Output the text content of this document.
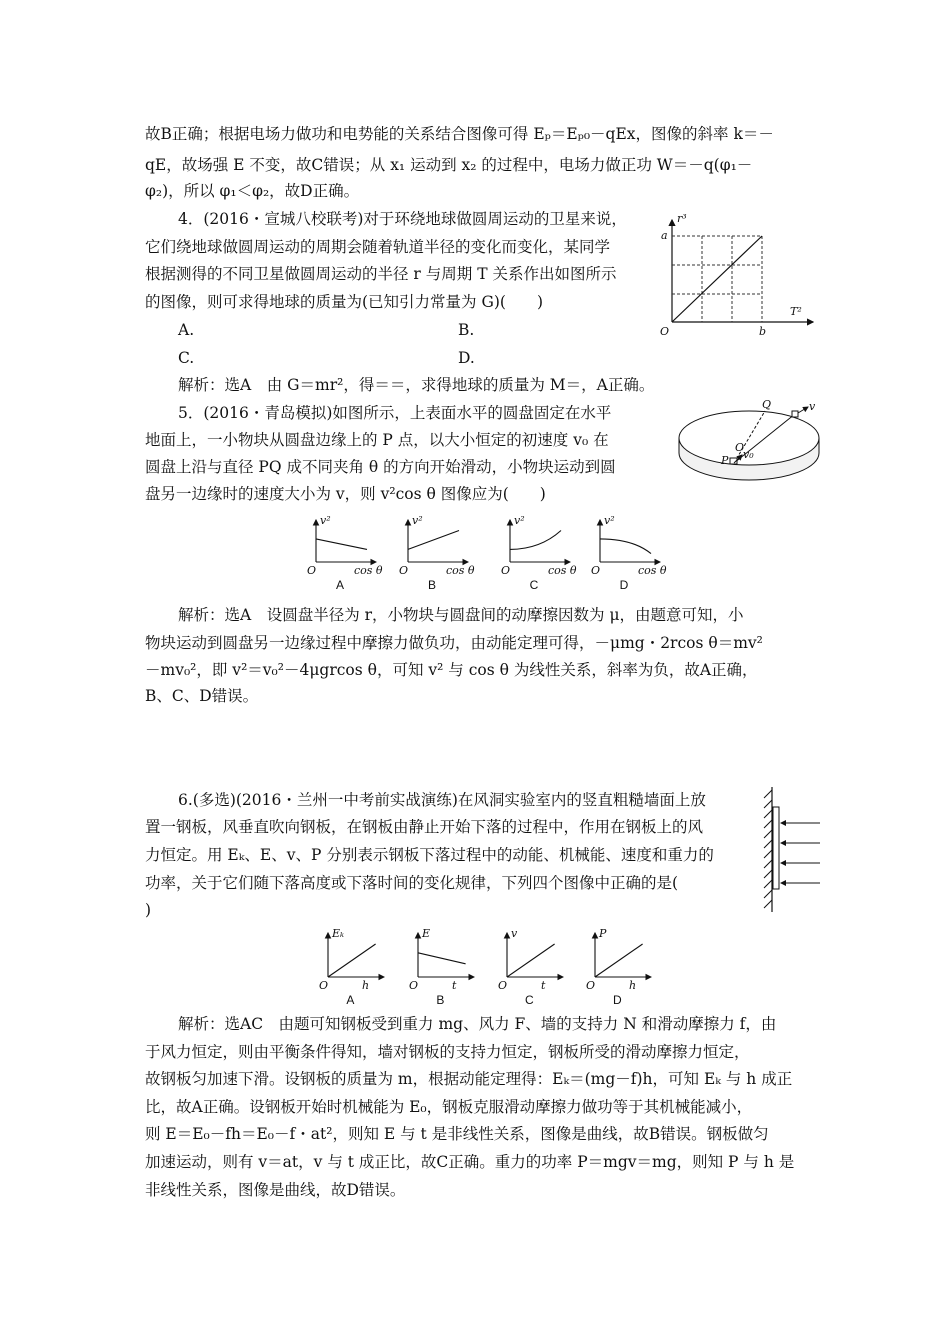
故B正确；根据电场力做功和电势能的关系结合图像可得 Eₚ＝Eₚ₀－qEx，图像的斜率 k＝－
qE，故场强 E 不变，故C错误；从 x₁ 运动到 x₂ 的过程中，电场力做正功 W＝－q(φ₁－
φ₂)，所以 φ₁＜φ₂，故D正确。
4．(2016・宣城八校联考)对于环绕地球做圆周运动的卫星来说，
它们绕地球做圆周运动的周期会随着轨道半径的变化而变化，某同学
根据测得的不同卫星做圆周运动的半径 r 与周期 T 关系作出如图所示
的图像，则可求得地球的质量为(已知引力常量为 G)(　　)
A.	B.
C.	D.
解析：选A　由 G＝mr²，得＝＝，求得地球的质量为 M＝，A正确。
r³
T²
O
a
b
5．(2016・青岛模拟)如图所示，上表面水平的圆盘固定在水平
地面上，一小物块从圆盘边缘上的 P 点，以大小恒定的初速度 v₀ 在
圆盘上沿与直径 PQ 成不同夹角 θ 的方向开始滑动，小物块运动到圆
盘另一边缘时的速度大小为 v，则 v²cos θ 图像应为(　　)
Q	v
O
P v₀
v²
cos θ
O
A
v²
cos θ
O
B
v²
cos θ
O
C
v²
cos θ
O
D
解析：选A　设圆盘半径为 r，小物块与圆盘间的动摩擦因数为 μ，由题意可知，小
物块运动到圆盘另一边缘过程中摩擦力做负功，由动能定理可得，－μmg・2rcos θ＝mv²
－mv₀²，即 v²＝v₀²－4μgrcos θ，可知 v² 与 cos θ 为线性关系，斜率为负，故A正确，
B、C、D错误。
6.(多选)(2016・兰州一中考前实战演练)在风洞实验室内的竖直粗糙墙面上放
置一钢板，风垂直吹向钢板，在钢板由静止开始下落的过程中，作用在钢板上的风
力恒定。用 Eₖ、E、v、P 分别表示钢板下落过程中的动能、机械能、速度和重力的
功率，关于它们随下落高度或下落时间的变化规律，下列四个图像中正确的是(
)
Eₖ
h
O
A
E
t
O
B
v
t
O
C
P
h
O
D
解析：选AC　由题可知钢板受到重力 mg、风力 F、墙的支持力 N 和滑动摩擦力 f，由
于风力恒定，则由平衡条件得知，墙对钢板的支持力恒定，钢板所受的滑动摩擦力恒定，
故钢板匀加速下滑。设钢板的质量为 m，根据动能定理得：Eₖ＝(mg－f)h，可知 Eₖ 与 h 成正
比，故A正确。设钢板开始时机械能为 E₀，钢板克服滑动摩擦力做功等于其机械能减小，
则 E＝E₀－fh＝E₀－f・at²，则知 E 与 t 是非线性关系，图像是曲线，故B错误。钢板做匀
加速运动，则有 v＝at，v 与 t 成正比，故C正确。重力的功率 P＝mgv＝mg，则知 P 与 h 是
非线性关系，图像是曲线，故D错误。
